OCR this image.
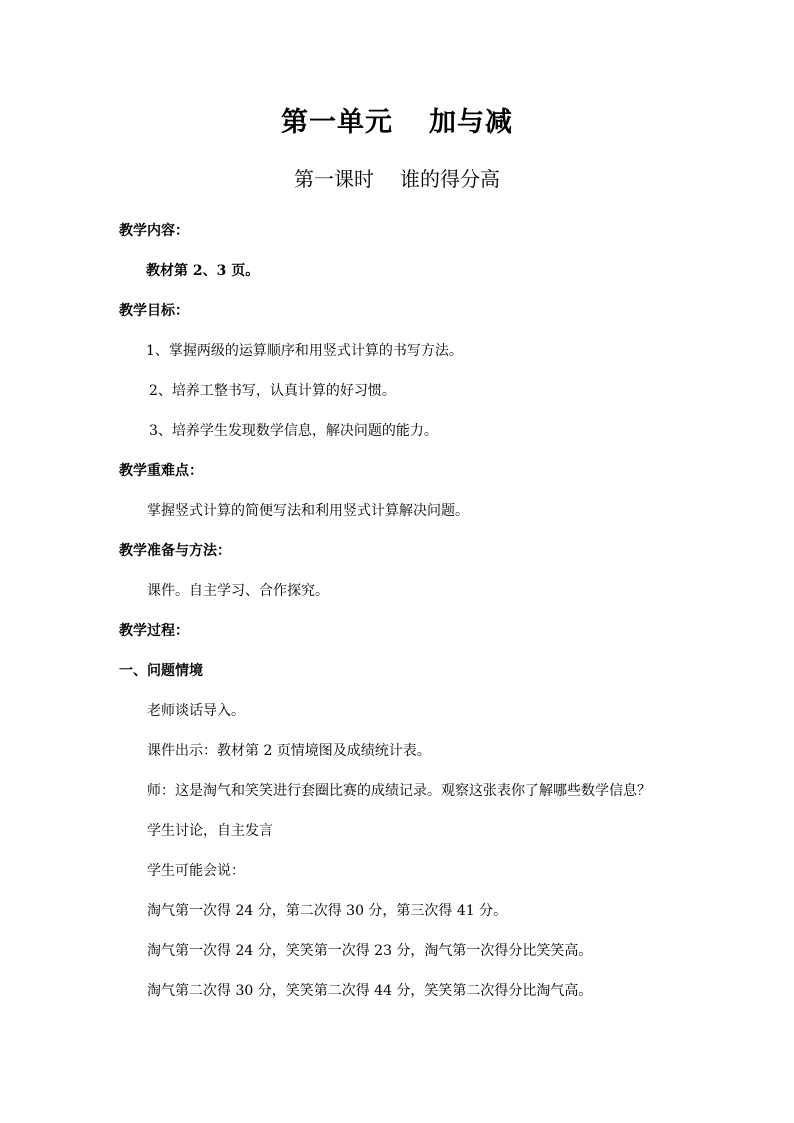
第一单元 加与减
第一课时 谁的得分高
教学内容：
教材第 2、3 页。
教学目标：
1、掌握两级的运算顺序和用竖式计算的书写方法。
2、培养工整书写，认真计算的好习惯。
3、培养学生发现数学信息，解决问题的能力。
教学重难点：
掌握竖式计算的简便写法和利用竖式计算解决问题。
教学准备与方法：
课件。自主学习、合作探究。
教学过程：
一、问题情境
老师谈话导入。
课件出示：教材第 2 页情境图及成绩统计表。
师：这是淘气和笑笑进行套圈比赛的成绩记录。观察这张表你了解哪些数学信息？
学生讨论，自主发言
学生可能会说：
淘气第一次得 24 分，第二次得 30 分，第三次得 41 分。
淘气第一次得 24 分，笑笑第一次得 23 分，淘气第一次得分比笑笑高。
淘气第二次得 30 分，笑笑第二次得 44 分，笑笑第二次得分比淘气高。
